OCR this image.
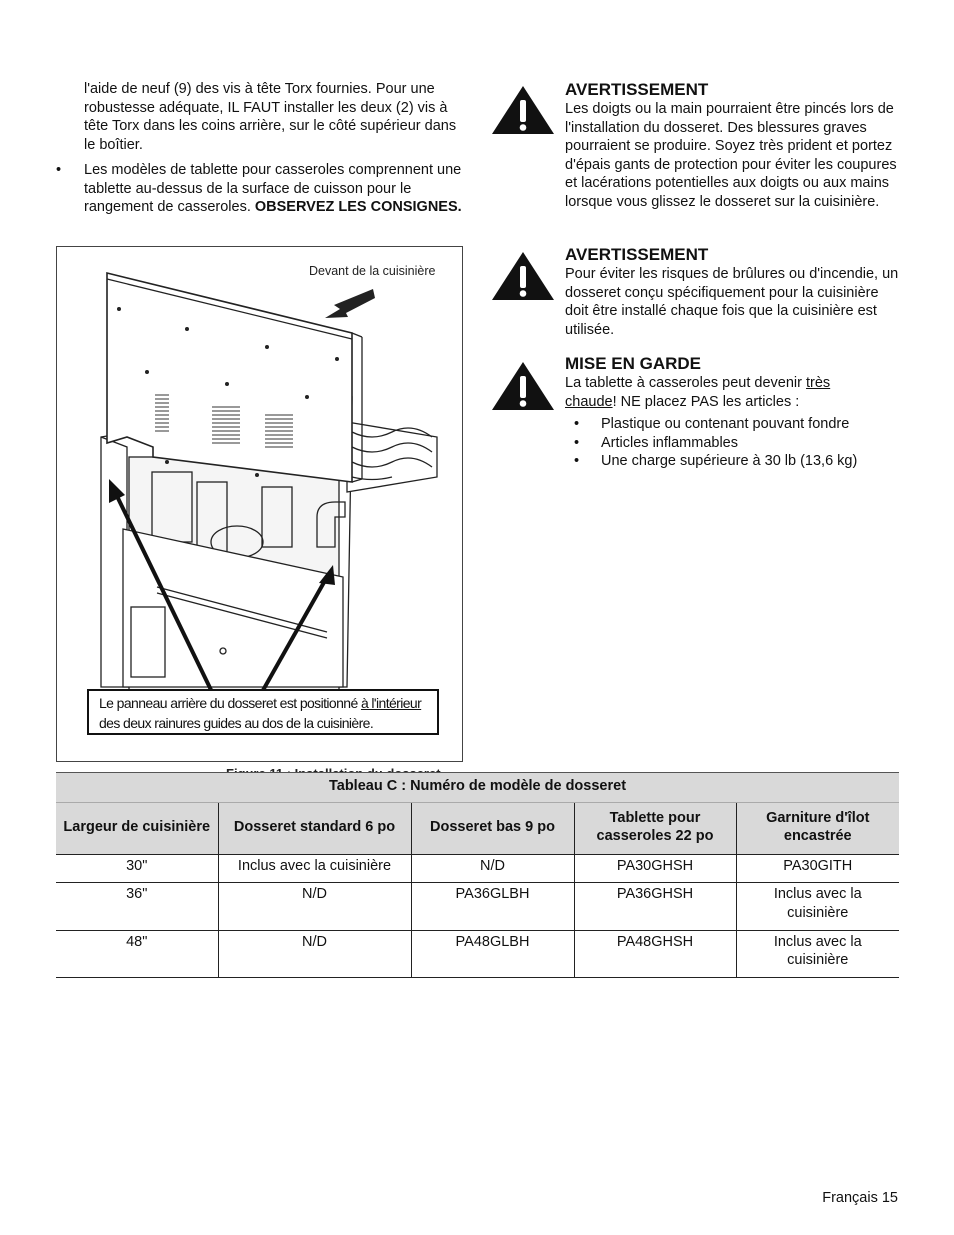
l'aide de neuf (9) des vis à tête Torx fournies. Pour une robustesse adéquate, IL FAUT installer les deux (2) vis à tête Torx dans les coins arrière, sur le côté supérieur dans le boîtier.

• Les modèles de tablette pour casseroles comprennent une tablette au-dessus de la surface de cuisson pour le rangement de casseroles. OBSERVEZ LES CONSIGNES.
Devant de la cuisinière
Le panneau arrière du dosseret est positionné à l'intérieur
des deux rainures guides au dos de la cuisinière.
AVERTISSEMENT

Les doigts ou la main pourraient être pincés lors de l'installation du dosseret. Des blessures graves pourraient se produire. Soyez très prident et portez d'épais gants de protection pour éviter les coupures et lacérations potentielles aux doigts ou aux mains lorsque vous glissez le dosseret sur la cuisinière.

AVERTISSEMENT

Pour éviter les risques de brûlures ou d'incendie, un dosseret conçu spécifiquement pour la cuisinière doit être installé chaque fois que la cuisinière est utilisée.

MISE EN GARDE

La tablette à casseroles peut devenir très chaude! NE placez PAS les articles :

• Plastique ou contenant pouvant fondre
• Articles inflammables
• Une charge supérieure à 30 lb (13,6 kg)
Tableau C : Numéro de modèle de dosseret				
Largeur de cuisinière	Dosseret standard 6 po	Dosseret bas 9 po	Tablette pour casseroles 22 po	Garniture d'îlot encastrée
30"	Inclus avec la cuisinière	N/D	PA30GHSH	PA30GITH
36"	N/D	PA36GLBH	PA36GHSH	Inclus avec la cuisinière
48"	N/D	PA48GLBH	PA48GHSH	Inclus avec la cuisinière
Français 15
